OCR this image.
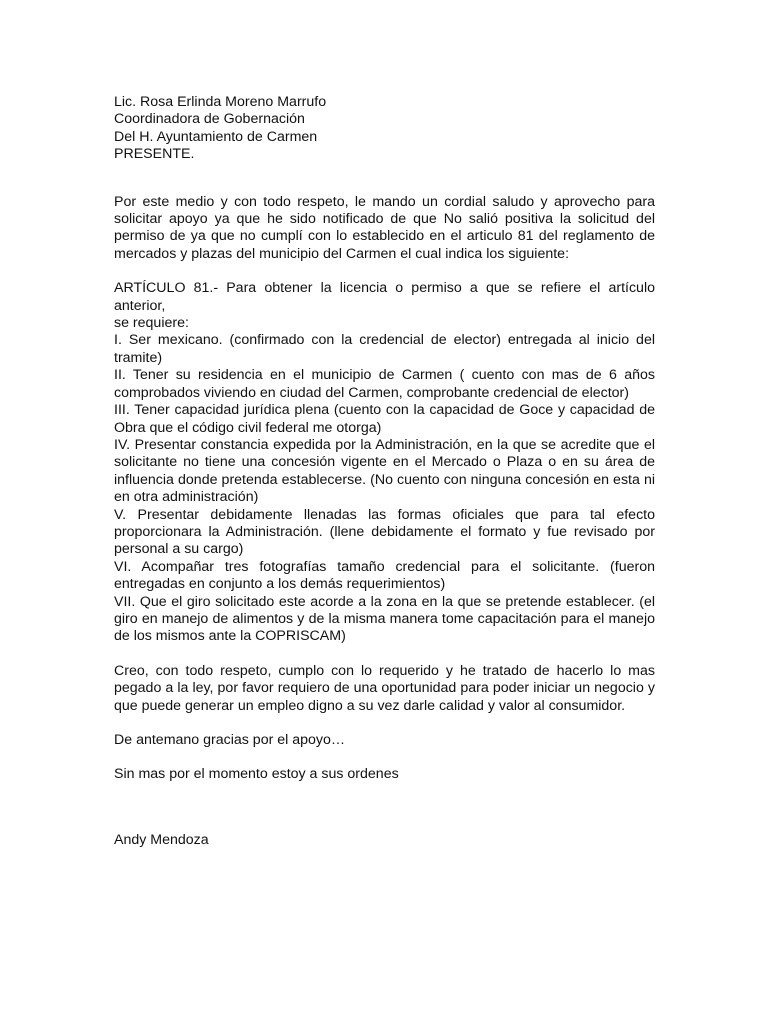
Lic. Rosa Erlinda Moreno Marrufo
Coordinadora de Gobernación
Del H. Ayuntamiento de Carmen
PRESENTE.

Por este medio y con todo respeto, le mando un cordial saludo y aprovecho para solicitar apoyo ya que he sido notificado de que No salió positiva la solicitud del permiso de ya que no cumplí con lo establecido en el articulo 81 del reglamento de mercados y plazas del municipio del Carmen el cual indica los siguiente:

ARTÍCULO 81.- Para obtener la licencia o permiso a que se refiere el artículo anterior,

se requiere:

I. Ser mexicano. (confirmado con la credencial de elector) entregada al inicio del tramite)

II. Tener su residencia en el municipio de Carmen ( cuento con mas de 6 años comprobados viviendo en ciudad del Carmen, comprobante credencial de elector)

III. Tener capacidad jurídica plena (cuento con la capacidad de Goce y capacidad de Obra que el código civil federal me otorga)

IV. Presentar constancia expedida por la Administración, en la que se acredite que el solicitante no tiene una concesión vigente en el Mercado o Plaza o en su área de influencia donde pretenda establecerse. (No cuento con ninguna concesión en esta ni en otra administración)

V. Presentar debidamente llenadas las formas oficiales que para tal efecto proporcionara la Administración. (llene debidamente el formato y fue revisado por personal a su cargo)

VI. Acompañar tres fotografías tamaño credencial para el solicitante. (fueron entregadas en conjunto a los demás requerimientos)

VII. Que el giro solicitado este acorde a la zona en la que se pretende establecer. (el giro en manejo de alimentos y de la misma manera tome capacitación para el manejo de los mismos ante la COPRISCAM)

Creo, con todo respeto, cumplo con lo requerido y he tratado de hacerlo lo mas pegado a la ley, por favor requiero de una oportunidad para poder iniciar un negocio y que puede generar un empleo digno a su vez darle calidad y valor al consumidor.

De antemano gracias por el apoyo…
Sin mas por el momento estoy a sus ordenes
Andy Mendoza
